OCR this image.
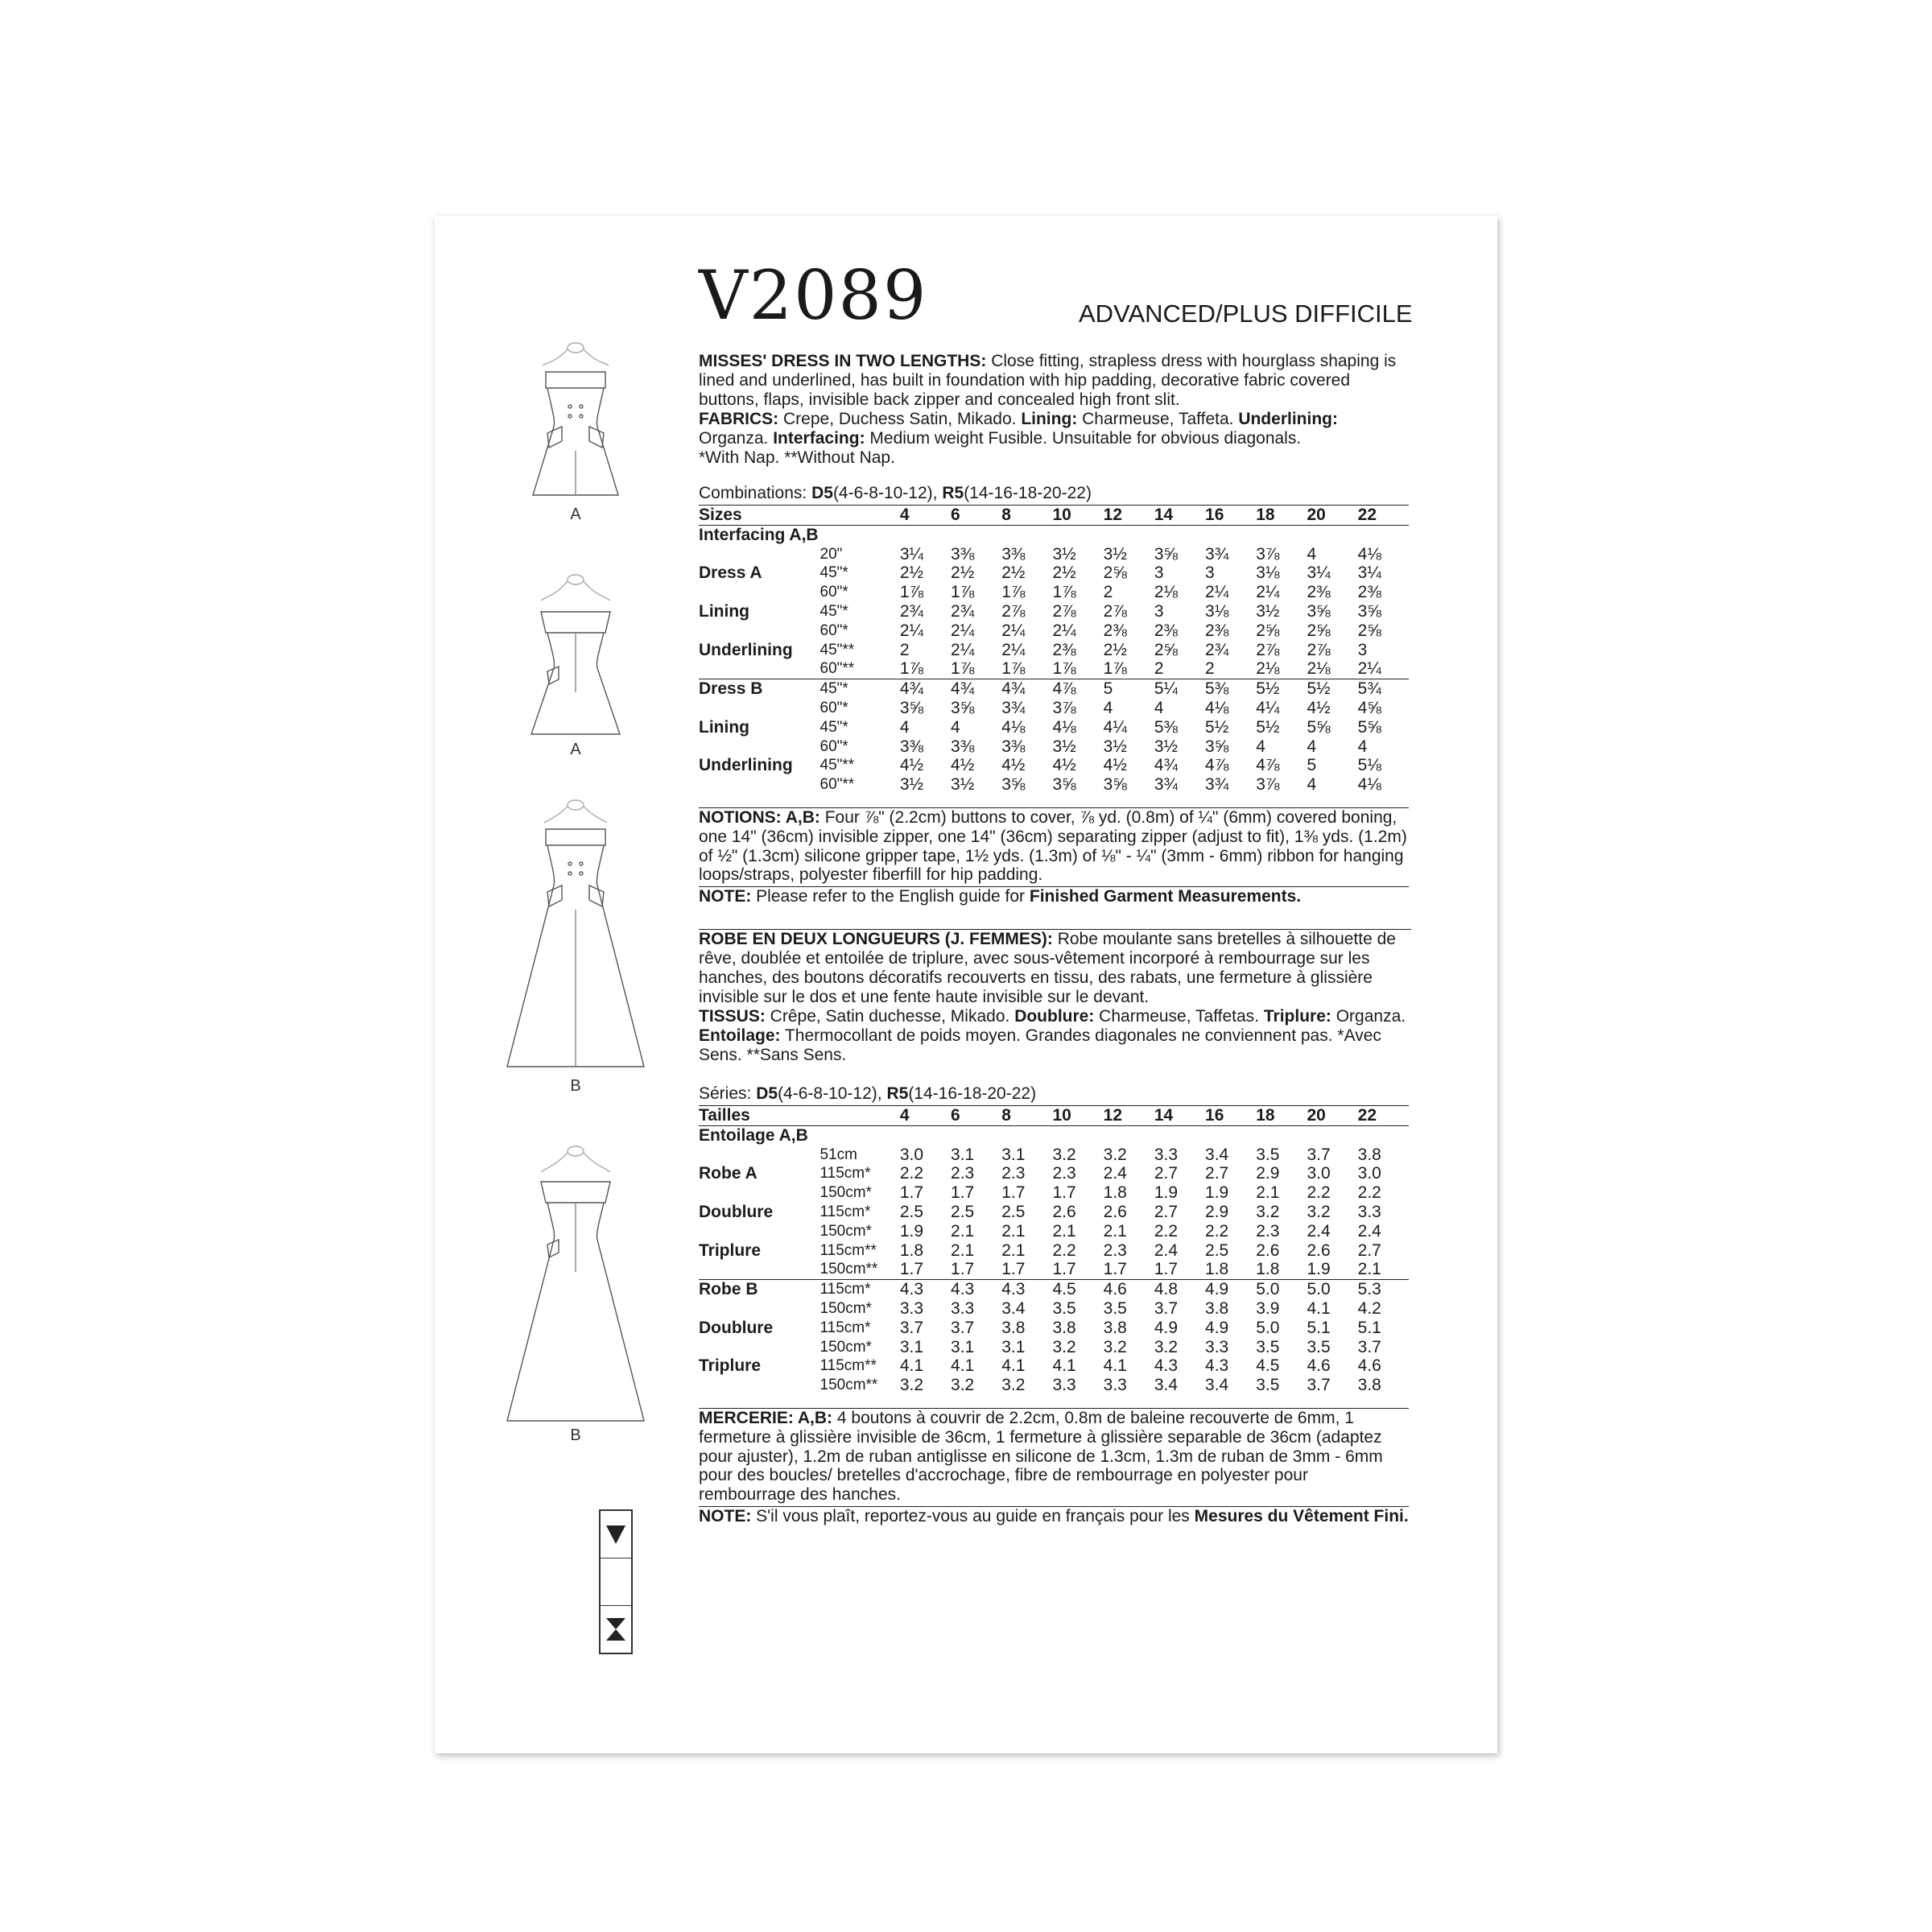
A
A
B
B
V2089	ADVANCED/PLUS DIFFICILE
MISSES' DRESS IN TWO LENGTHS: Close fitting, strapless dress with hourglass shaping is lined and underlined, has built in foundation with hip padding, decorative fabric covered buttons, flaps, invisible back zipper and concealed high front slit.
FABRICS: Crepe, Duchess Satin, Mikado. Lining: Charmeuse, Taffeta. Underlining: Organza. Interfacing: Medium weight Fusible. Unsuitable for obvious diagonals.
*With Nap. **Without Nap.
Combinations: D5(4-6-8-10-12), R5(14-16-18-20-22)
Sizes		4	6	8	10	12	14	16	18	20	22
Interfacing A,B											
	20"	3¼	3⅜	3⅜	3½	3½	3⅝	3¾	3⅞	4	4⅛
Dress A	45"*	2½	2½	2½	2½	2⅝	3	3	3⅛	3¼	3¼
	60"*	1⅞	1⅞	1⅞	1⅞	2	2⅛	2¼	2¼	2⅜	2⅜
Lining	45"*	2¾	2¾	2⅞	2⅞	2⅞	3	3⅛	3½	3⅝	3⅝
	60"*	2¼	2¼	2¼	2¼	2⅜	2⅜	2⅜	2⅝	2⅝	2⅝
Underlining	45"**	2	2¼	2¼	2⅜	2½	2⅝	2¾	2⅞	2⅞	3
	60"**	1⅞	1⅞	1⅞	1⅞	1⅞	2	2	2⅛	2⅛	2¼
Dress B	45"*	4¾	4¾	4¾	4⅞	5	5¼	5⅜	5½	5½	5¾
	60"*	3⅝	3⅝	3¾	3⅞	4	4	4⅛	4¼	4½	4⅝
Lining	45"*	4	4	4⅛	4⅛	4¼	5⅜	5½	5½	5⅝	5⅝
	60"*	3⅜	3⅜	3⅜	3½	3½	3½	3⅝	4	4	4
Underlining	45"**	4½	4½	4½	4½	4½	4¾	4⅞	4⅞	5	5⅛
	60"**	3½	3½	3⅝	3⅝	3⅝	3¾	3¾	3⅞	4	4⅛
NOTIONS: A,B: Four ⅞" (2.2cm) buttons to cover, ⅞ yd. (0.8m) of ¼" (6mm) covered boning, one 14" (36cm) invisible zipper, one 14" (36cm) separating zipper (adjust to fit), 1⅜ yds. (1.2m) of ½" (1.3cm) silicone gripper tape, 1½ yds. (1.3m) of ⅛" - ¼" (3mm - 6mm) ribbon for hanging loops/straps, polyester fiberfill for hip padding.
NOTE: Please refer to the English guide for Finished Garment Measurements.
ROBE EN DEUX LONGUEURS (J. FEMMES): Robe moulante sans bretelles à silhouette de rêve, doublée et entoilée de triplure, avec sous-vêtement incorporé à rembourrage sur les hanches, des boutons décoratifs recouverts en tissu, des rabats, une fermeture à glissière invisible sur le dos et une fente haute invisible sur le devant.
TISSUS: Crêpe, Satin duchesse, Mikado. Doublure: Charmeuse, Taffetas. Triplure: Organza. Entoilage: Thermocollant de poids moyen. Grandes diagonales ne conviennent pas. *Avec Sens. **Sans Sens.
Séries: D5(4-6-8-10-12), R5(14-16-18-20-22)
Tailles		4	6	8	10	12	14	16	18	20	22
Entoilage A,B											
	51cm	3.0	3.1	3.1	3.2	3.2	3.3	3.4	3.5	3.7	3.8
Robe A	115cm*	2.2	2.3	2.3	2.3	2.4	2.7	2.7	2.9	3.0	3.0
	150cm*	1.7	1.7	1.7	1.7	1.8	1.9	1.9	2.1	2.2	2.2
Doublure	115cm*	2.5	2.5	2.5	2.6	2.6	2.7	2.9	3.2	3.2	3.3
	150cm*	1.9	2.1	2.1	2.1	2.1	2.2	2.2	2.3	2.4	2.4
Triplure	115cm**	1.8	2.1	2.1	2.2	2.3	2.4	2.5	2.6	2.6	2.7
	150cm**	1.7	1.7	1.7	1.7	1.7	1.7	1.8	1.8	1.9	2.1
Robe B	115cm*	4.3	4.3	4.3	4.5	4.6	4.8	4.9	5.0	5.0	5.3
	150cm*	3.3	3.3	3.4	3.5	3.5	3.7	3.8	3.9	4.1	4.2
Doublure	115cm*	3.7	3.7	3.8	3.8	3.8	4.9	4.9	5.0	5.1	5.1
	150cm*	3.1	3.1	3.1	3.2	3.2	3.2	3.3	3.5	3.5	3.7
Triplure	115cm**	4.1	4.1	4.1	4.1	4.1	4.3	4.3	4.5	4.6	4.6
	150cm**	3.2	3.2	3.2	3.3	3.3	3.4	3.4	3.5	3.7	3.8
MERCERIE: A,B: 4 boutons à couvrir de 2.2cm, 0.8m de baleine recouverte de 6mm, 1 fermeture à glissière invisible de 36cm, 1 fermeture à glissière separable de 36cm (adaptez pour ajuster), 1.2m de ruban antiglisse en silicone de 1.3cm, 1.3m de ruban de 3mm - 6mm pour des boucles/ bretelles d'accrochage, fibre de rembourrage en polyester pour rembourrage des hanches.
NOTE: S'il vous plaît, reportez-vous au guide en français pour les Mesures du Vêtement Fini.
